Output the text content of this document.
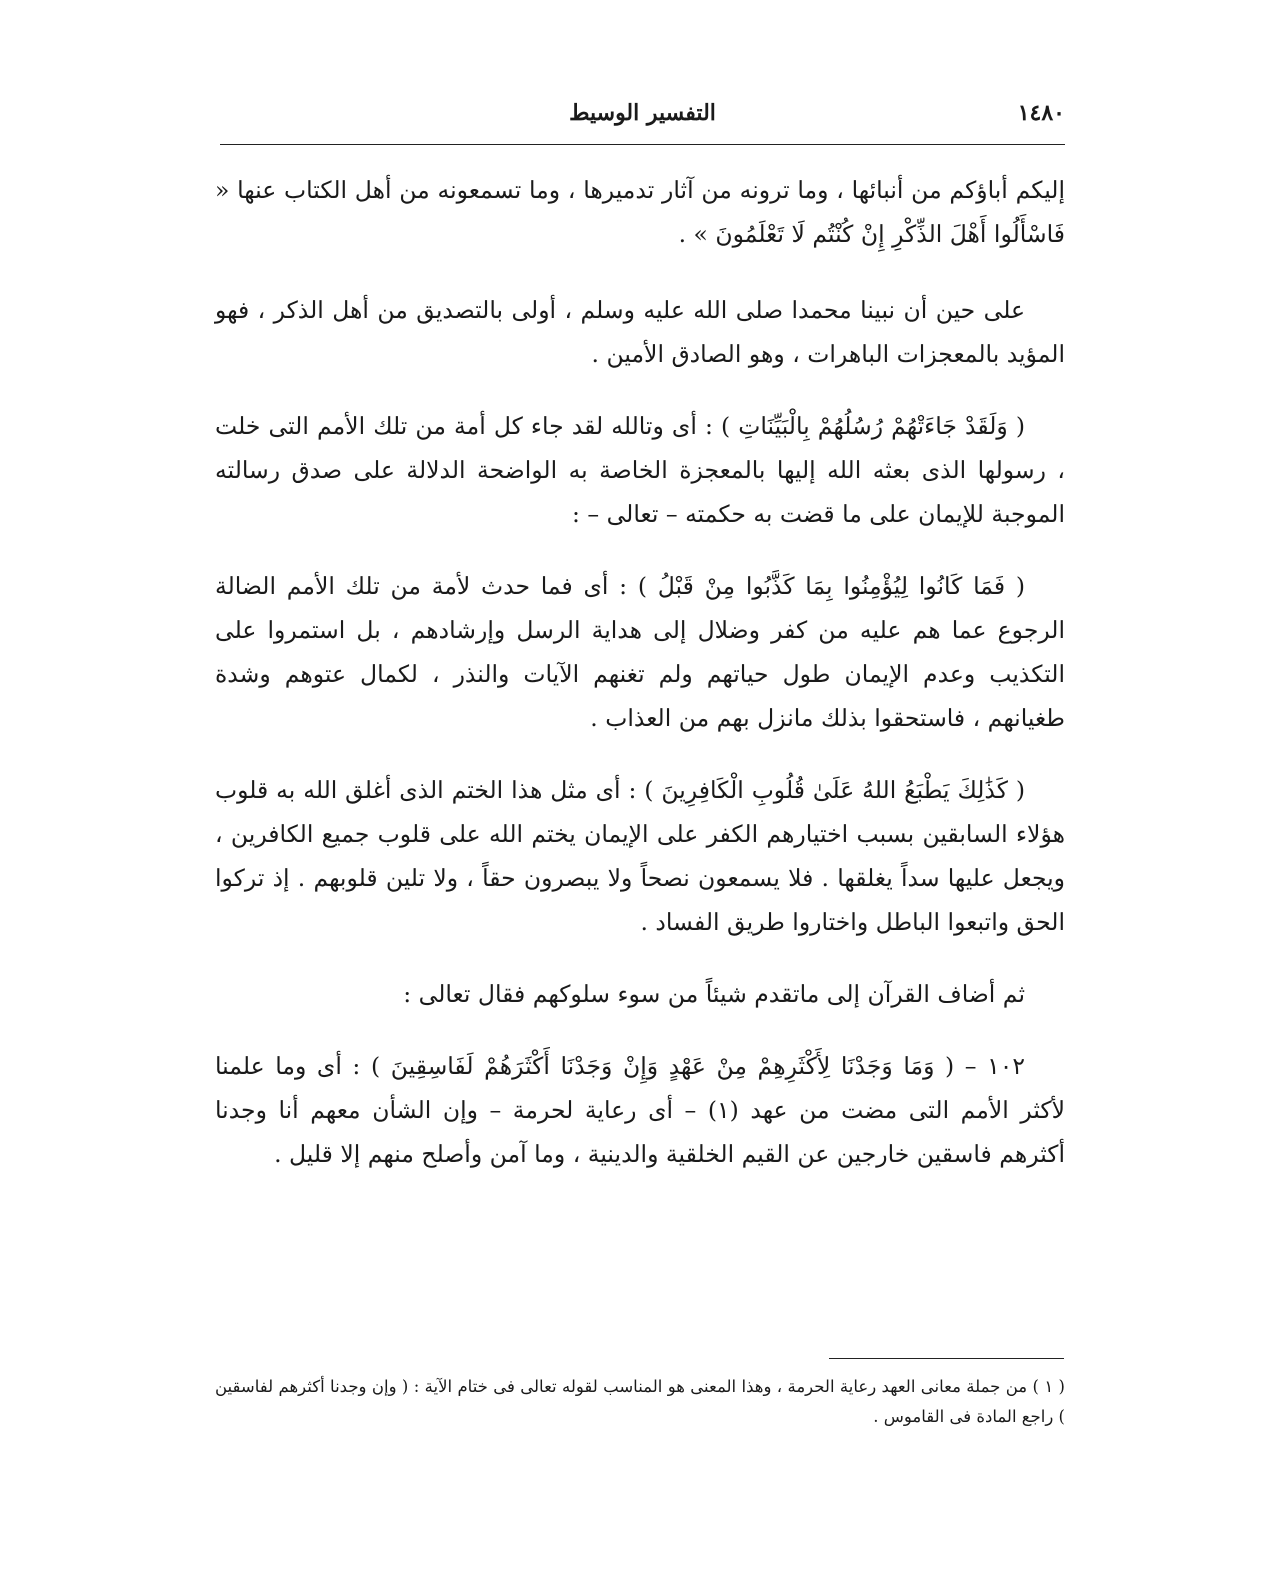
١٤٨٠
التفسير الوسيط

إليكم أباؤكم من أنبائها ، وما ترونه من آثار تدميرها ، وما تسمعونه من أهل الكتاب عنها « فَاسْأَلُوا أَهْلَ الذِّكْرِ إِنْ كُنْتُم لَا تَعْلَمُونَ » .

على حين أن نبينا محمدا صلى الله عليه وسلم ، أولى بالتصديق من أهل الذكر ، فهو المؤيد بالمعجزات الباهرات ، وهو الصادق الأمين .

( وَلَقَدْ جَاءَتْهُمْ رُسُلُهُمْ بِالْبَيِّنَاتِ ) : أى وتالله لقد جاء كل أمة من تلك الأمم التى خلت ، رسولها الذى بعثه الله إليها بالمعجزة الخاصة به الواضحة الدلالة على صدق رسالته الموجبة للإيمان على ما قضت به حكمته – تعالى – :

( فَمَا كَانُوا لِيُؤْمِنُوا بِمَا كَذَّبُوا مِنْ قَبْلُ ) : أى فما حدث لأمة من تلك الأمم الضالة الرجوع عما هم عليه من كفر وضلال إلى هداية الرسل وإرشادهم ، بل استمروا على التكذيب وعدم الإيمان طول حياتهم ولم تغنهم الآيات والنذر ، لكمال عتوهم وشدة طغيانهم ، فاستحقوا بذلك مانزل بهم من العذاب .

( كَذَٰلِكَ يَطْبَعُ اللهُ عَلَىٰ قُلُوبِ الْكَافِرِينَ ) : أى مثل هذا الختم الذى أغلق الله به قلوب هؤلاء السابقين بسبب اختيارهم الكفر على الإيمان يختم الله على قلوب جميع الكافرين ، ويجعل عليها سداً يغلقها . فلا يسمعون نصحاً ولا يبصرون حقاً ، ولا تلين قلوبهم . إذ تركوا الحق واتبعوا الباطل واختاروا طريق الفساد .

ثم أضاف القرآن إلى ماتقدم شيئاً من سوء سلوكهم فقال تعالى :

١٠٢ – ( وَمَا وَجَدْنَا لِأَكْثَرِهِمْ مِنْ عَهْدٍ وَإِنْ وَجَدْنَا أَكْثَرَهُمْ لَفَاسِقِينَ ) : أى وما علمنا لأكثر الأمم التى مضت من عهد (١) – أى رعاية لحرمة – وإن الشأن معهم أنا وجدنا أكثرهم فاسقين خارجين عن القيم الخلقية والدينية ، وما آمن وأصلح منهم إلا قليل .

( ١ ) من جملة معانى العهد رعاية الحرمة ، وهذا المعنى هو المناسب لقوله تعالى فى ختام الآية : ( وإن وجدنا أكثرهم لفاسقين ) راجع المادة فى القاموس .
